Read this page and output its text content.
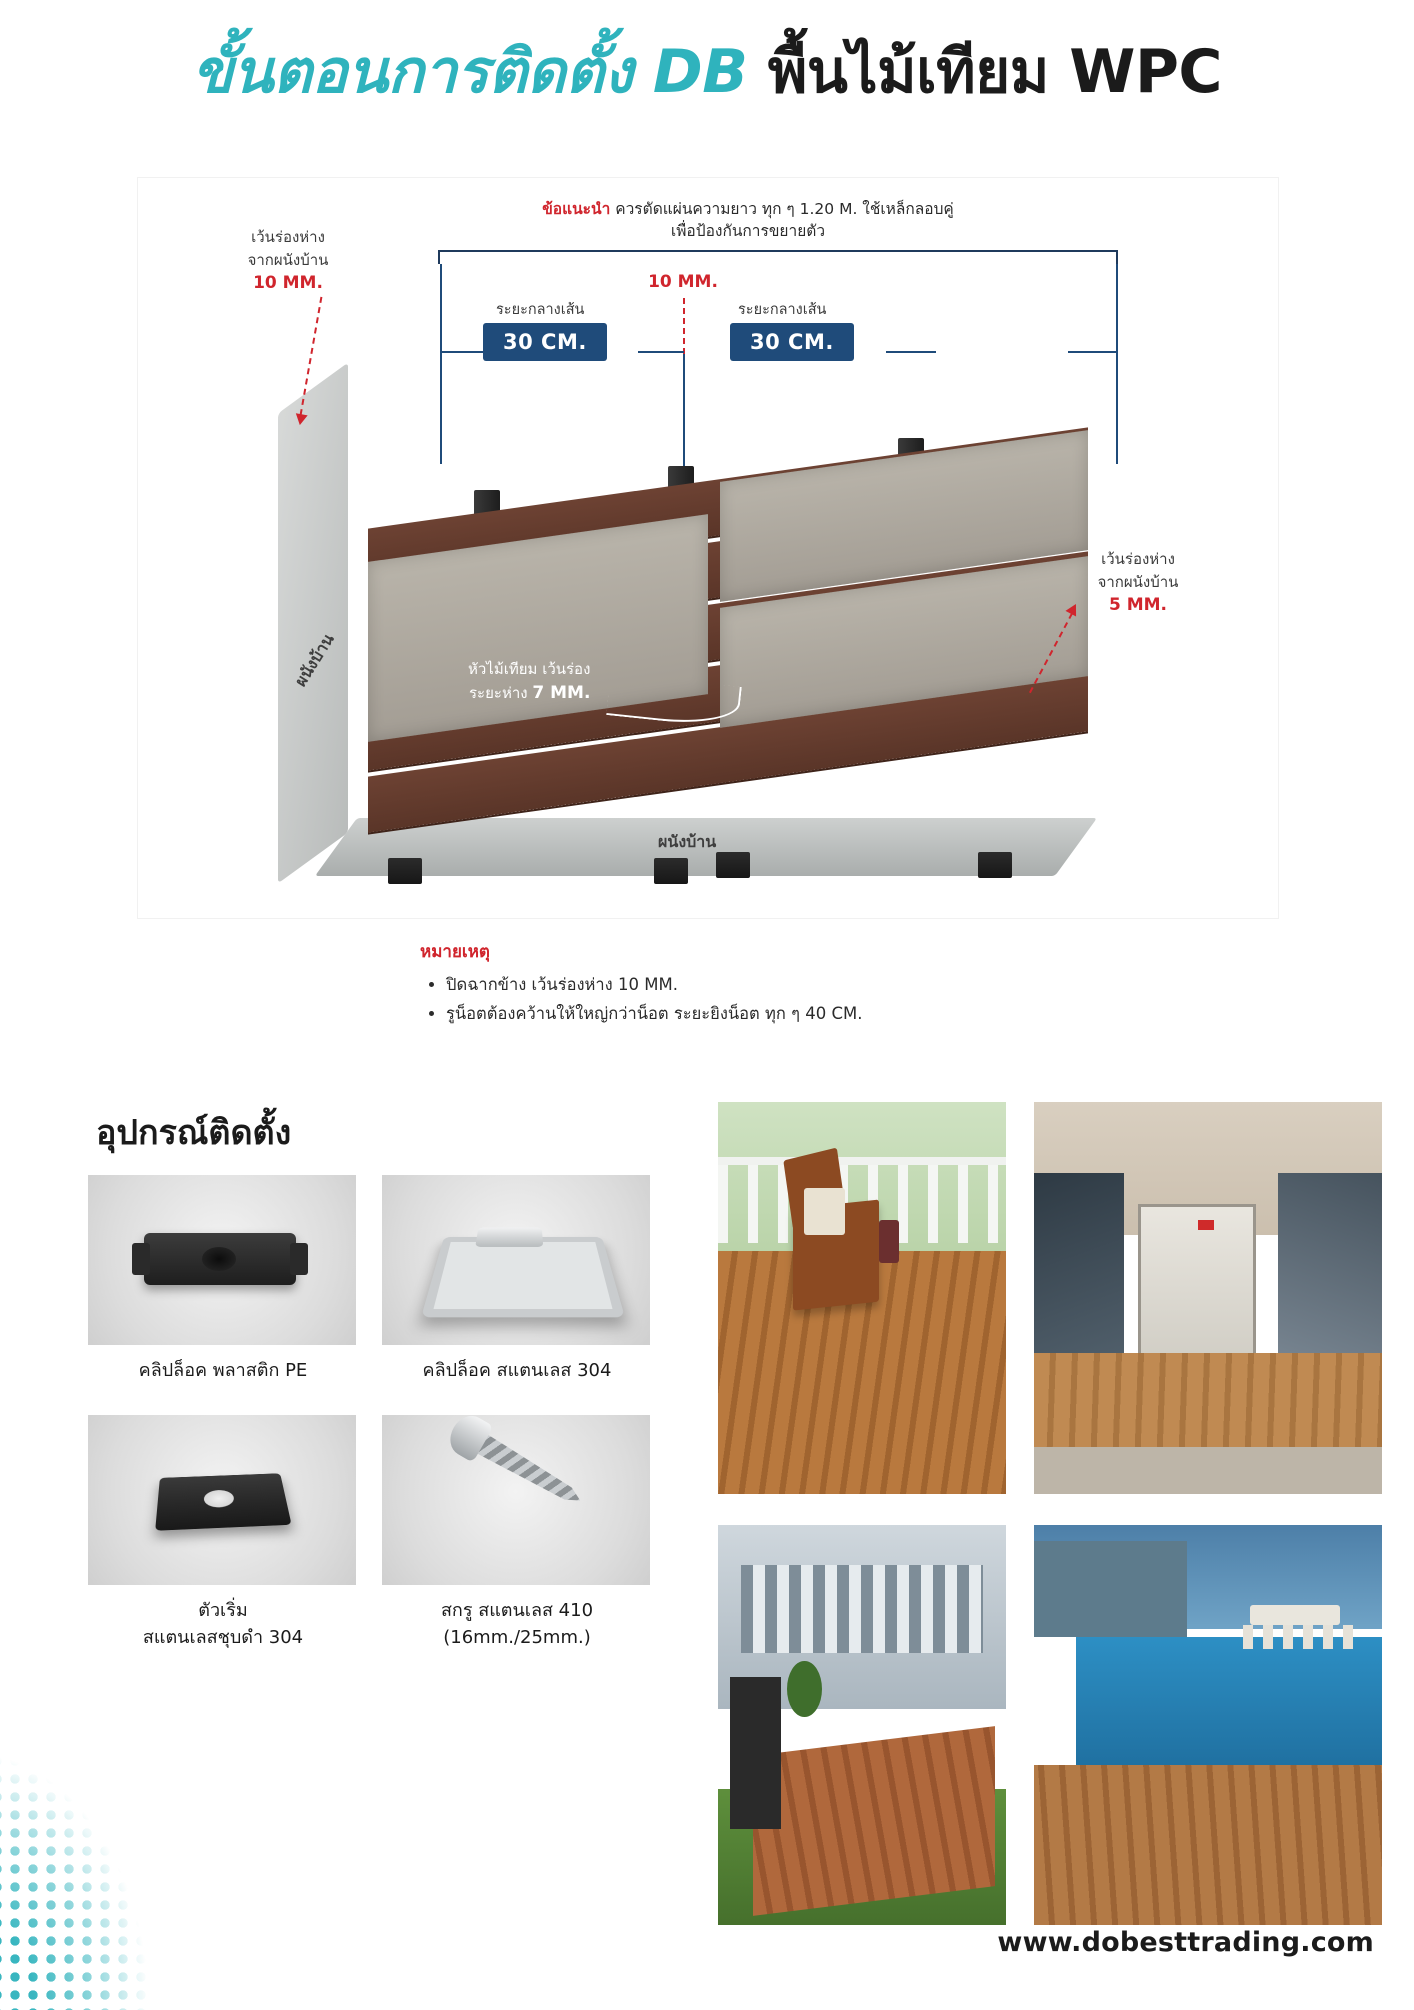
ขั้นตอนการติดตั้ง DB พื้นไม้เทียม WPC
ข้อแนะนำ ควรตัดแผ่นความยาว ทุก ๆ 1.20 M. ใช้เหล็กลอบคู่
เพื่อป้องกันการขยายตัว
เว้นร่องห่าง
จากผนังบ้าน
10 MM.	10 MM.
ระยะกลางเส้น	ระยะกลางเส้น
30 CM.	30 CM.
ผนังบ้าน
ผนังบ้าน
หัวไม้เทียม เว้นร่อง
ระยะห่าง 7 MM.
เว้นร่องห่าง
จากผนังบ้าน
5 MM.
หมายเหตุ
• ปิดฉากข้าง เว้นร่องห่าง 10 MM.
• รูน็อตต้องคว้านให้ใหญ่กว่าน็อต ระยะยิงน็อต ทุก ๆ 40 CM.
อุปกรณ์ติดตั้ง
คลิปล็อค พลาสติก PE	คลิปล็อค สแตนเลส 304
ตัวเริ่ม
สแตนเลสชุบดำ 304
สกรู สแตนเลส 410
(16mm./25mm.)
www.dobesttrading.com
